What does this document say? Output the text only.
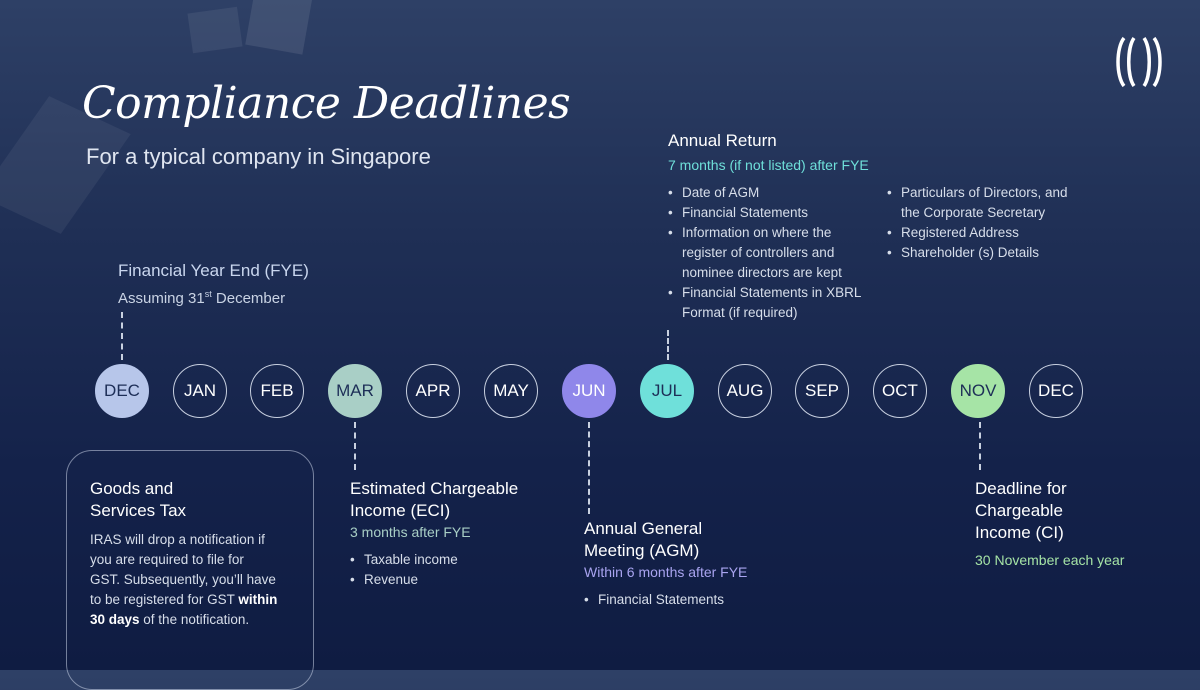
Compliance Deadlines
For a typical company in Singapore
Financial Year End (FYE)
Assuming 31st December
Annual Return
7 months (if not listed) after FYE
• Date of AGM
• Financial Statements
• Information on where the
register of controllers and
nominee directors are kept
• Financial Statements in XBRL
Format (if required)
• Particulars of Directors, and
the Corporate Secretary
• Registered Address
• Shareholder (s) Details
DEC	JAN	FEB	MAR	APR	MAY	JUN	JUL	AUG	SEP	OCT	NOV	DEC
Goods and
Services Tax
IRAS will drop a notification if
you are required to file for
GST. Subsequently, you’ll have
to be registered for GST within
30 days of the notification.
Estimated Chargeable
Income (ECI)
3 months after FYE
• Taxable income
• Revenue
Annual General
Meeting (AGM)
Within 6 months after FYE
• Financial Statements
Deadline for
Chargeable
Income (CI)
30 November each year
